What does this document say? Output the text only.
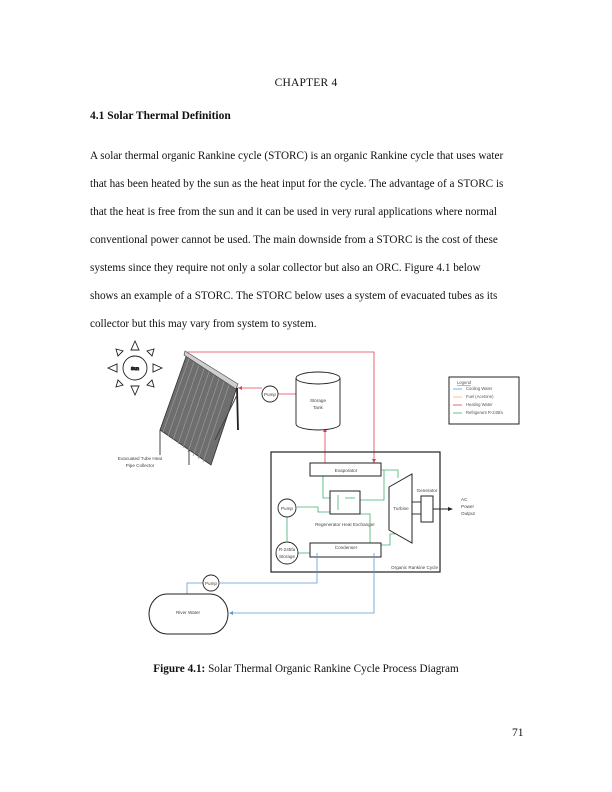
CHAPTER 4
4.1 Solar Thermal Definition

A solar thermal organic Rankine cycle (STORC) is an organic Rankine cycle that uses water
that has been heated by the sun as the heat input for the cycle. The advantage of a STORC is
that the heat is free from the sun and it can be used in very rural applications where normal
conventional power cannot be used. The main downside from a STORC is the cost of these
systems since they require not only a solar collector but also an ORC. Figure 4.1 below
shows an example of a STORC. The STORC below uses a system of evacuated tubes as its
collector but this may vary from system to system.

Sun
Evacuated Tube Heat
Pipe Collector
Pump
Storage
Tank
Legend
Cooling Water
Fuel (Acetone)
Heating Water
Refrigerant R-245fa
Organic Rankine Cycle
Evaporator
Regenerator Heat Exchanger
Turbine
Generator
AC
Power
Output
Pump
R-245fa
Storage
Condenser
Pump
River Water
Figure 4.1: Solar Thermal Organic Rankine Cycle Process Diagram
71
